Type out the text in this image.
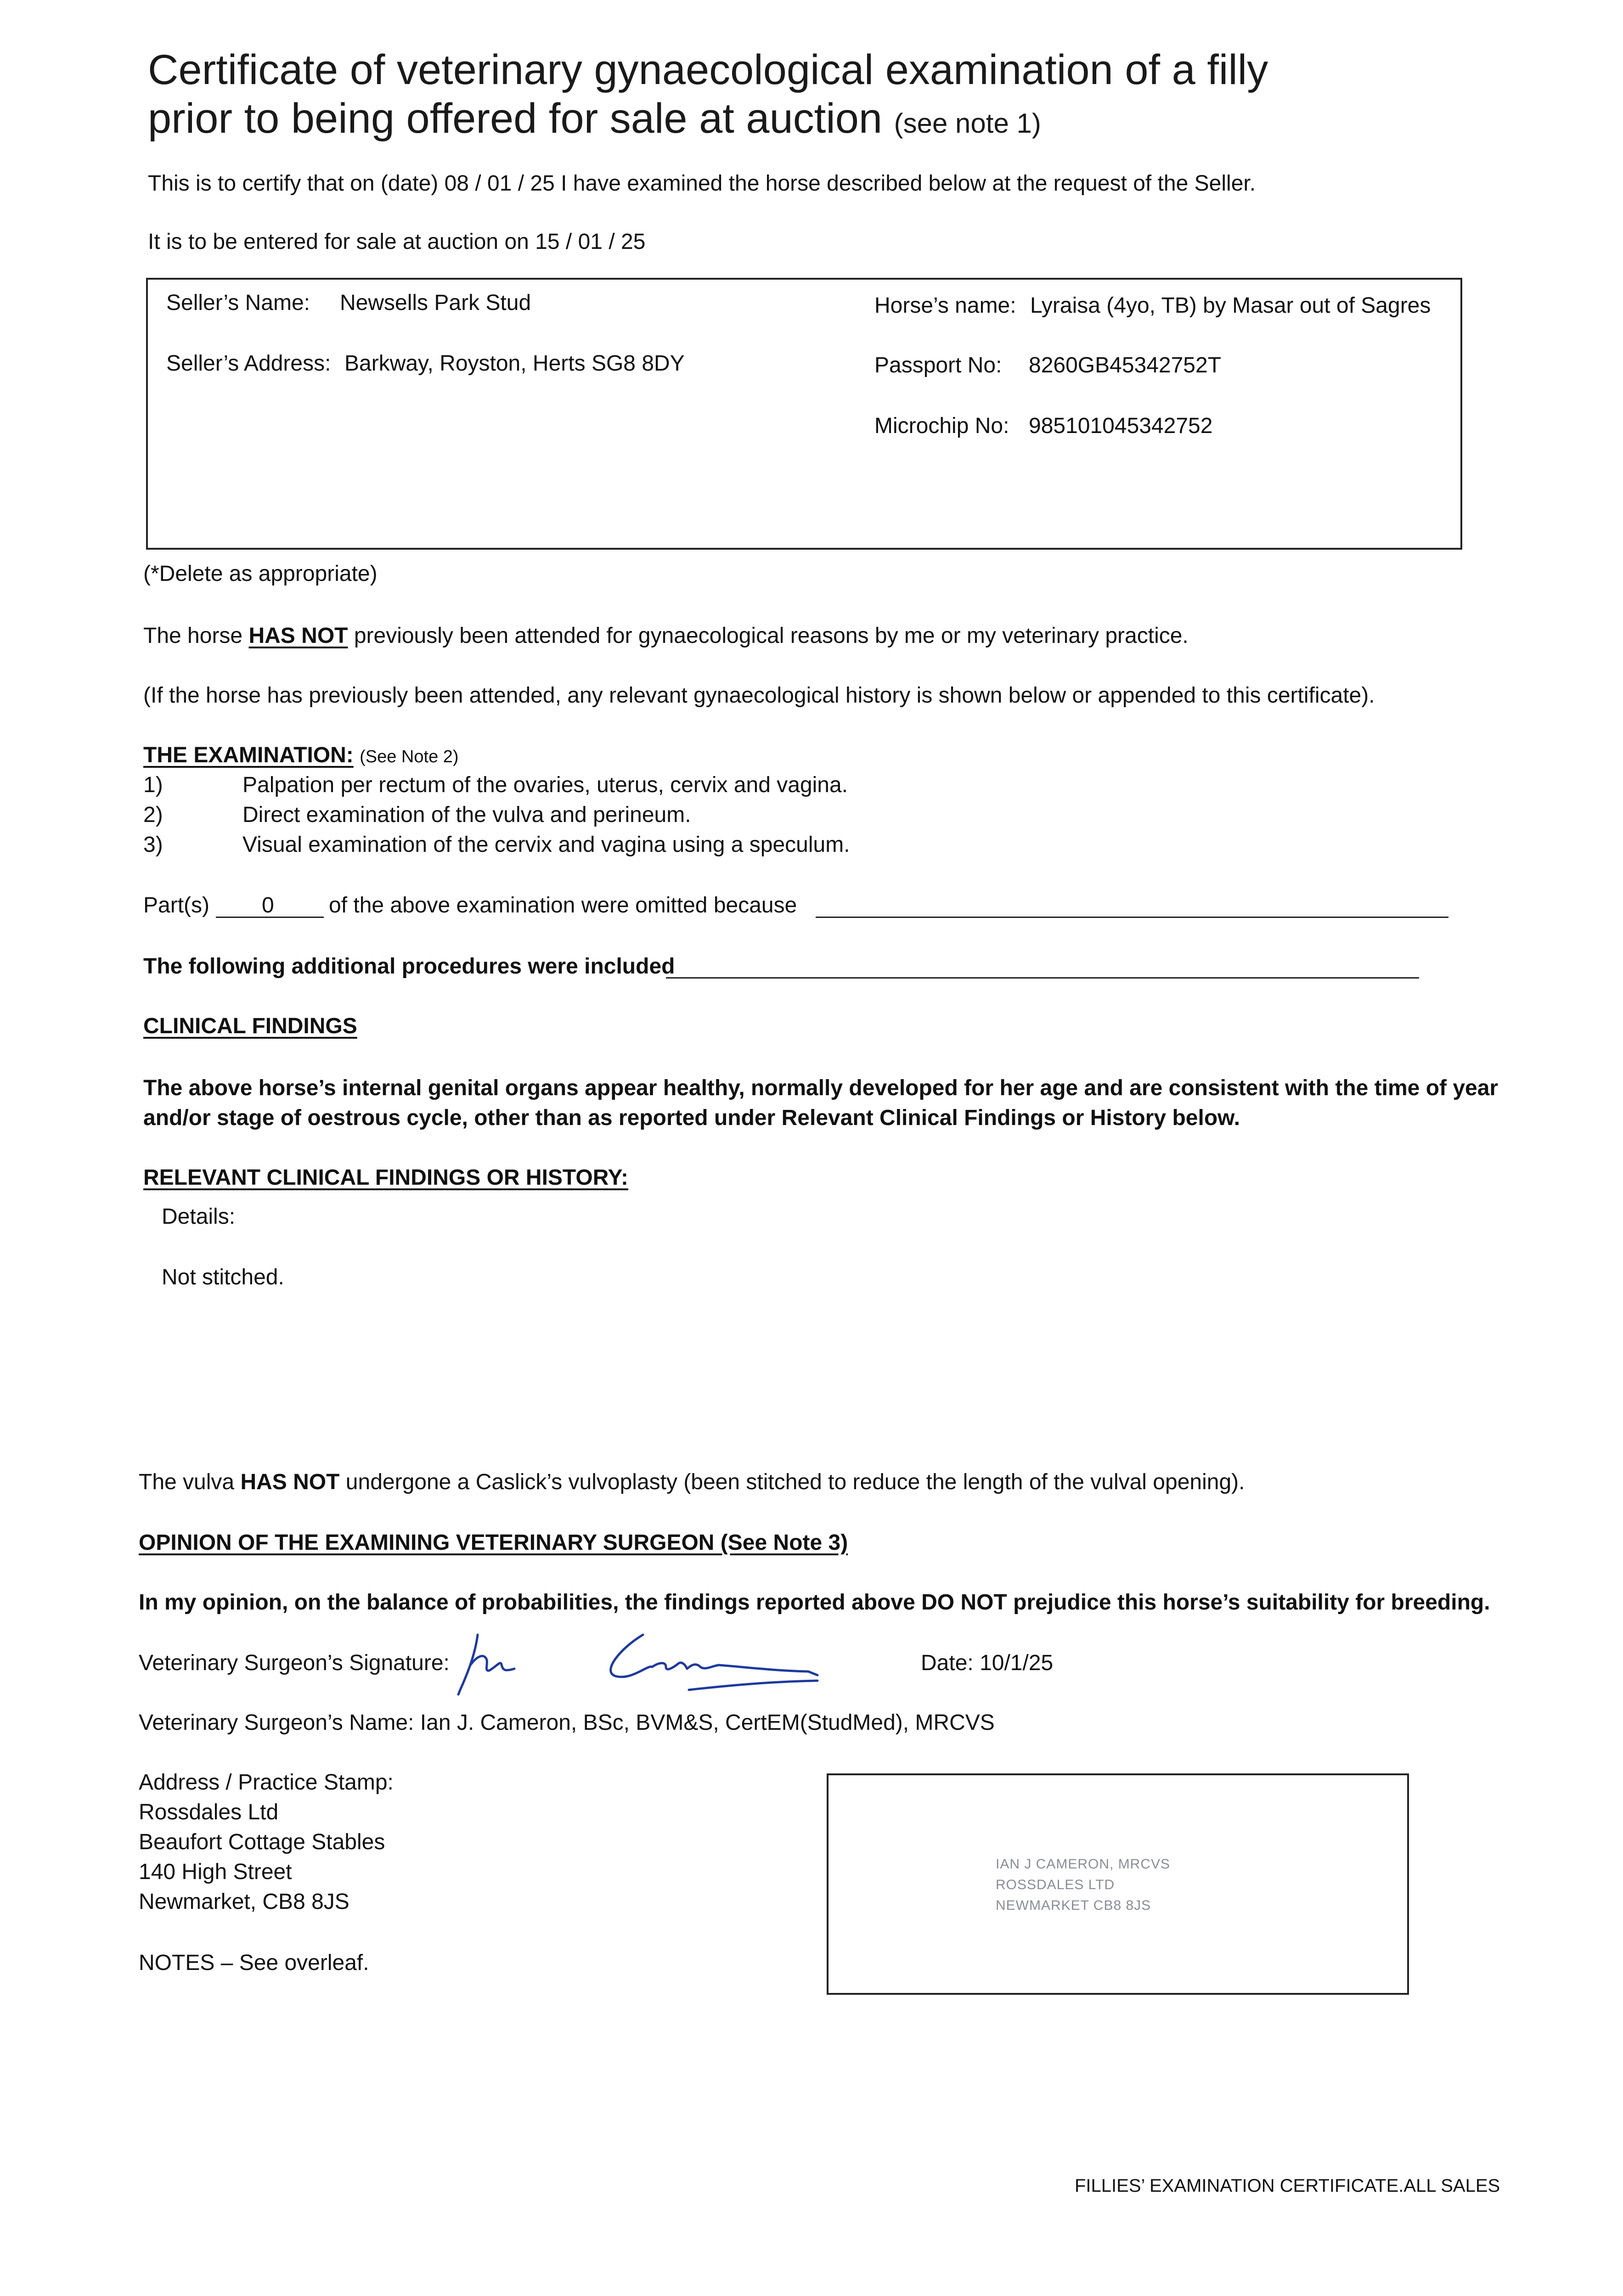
Certificate of veterinary gynaecological examination of a filly
prior to being offered for sale at auction (see note 1)
This is to certify that on (date) 08 / 01 / 25 I have examined the horse described below at the request of the Seller.
It is to be entered for sale at auction on 15 / 01 / 25
Seller’s Name: Newsells Park Stud
Seller’s Address: Barkway, Royston, Herts SG8 8DY
Horse’s name: Lyraisa (4yo, TB) by Masar out of Sagres
Passport No: 8260GB45342752T
Microchip No: 985101045342752
(*Delete as appropriate)
The horse HAS NOT previously been attended for gynaecological reasons by me or my veterinary practice.
(If the horse has previously been attended, any relevant gynaecological history is shown below or appended to this certificate).
THE EXAMINATION: (See Note 2)
1)	Palpation per rectum of the ovaries, uterus, cervix and vagina.
2)	Direct examination of the vulva and perineum.
3)	Visual examination of the cervix and vagina using a speculum.
Part(s) 0 of the above examination were omitted because
The following additional procedures were included
CLINICAL FINDINGS
The above horse’s internal genital organs appear healthy, normally developed for her age and are consistent with the time of year
and/or stage of oestrous cycle, other than as reported under Relevant Clinical Findings or History below.
RELEVANT CLINICAL FINDINGS OR HISTORY:
Details:
Not stitched.
The vulva HAS NOT undergone a Caslick’s vulvoplasty (been stitched to reduce the length of the vulval opening).
OPINION OF THE EXAMINING VETERINARY SURGEON (See Note 3)
In my opinion, on the balance of probabilities, the findings reported above DO NOT prejudice this horse’s suitability for breeding.
Veterinary Surgeon’s Signature:	Date: 10/1/25
Veterinary Surgeon’s Name: Ian J. Cameron, BSc, BVM&S, CertEM(StudMed), MRCVS
Address / Practice Stamp:
Rossdales Ltd
Beaufort Cottage Stables
140 High Street
Newmarket, CB8 8JS
NOTES – See overleaf.
IAN J CAMERON, MRCVS
ROSSDALES LTD
NEWMARKET CB8 8JS
FILLIES’ EXAMINATION CERTIFICATE.ALL SALES
